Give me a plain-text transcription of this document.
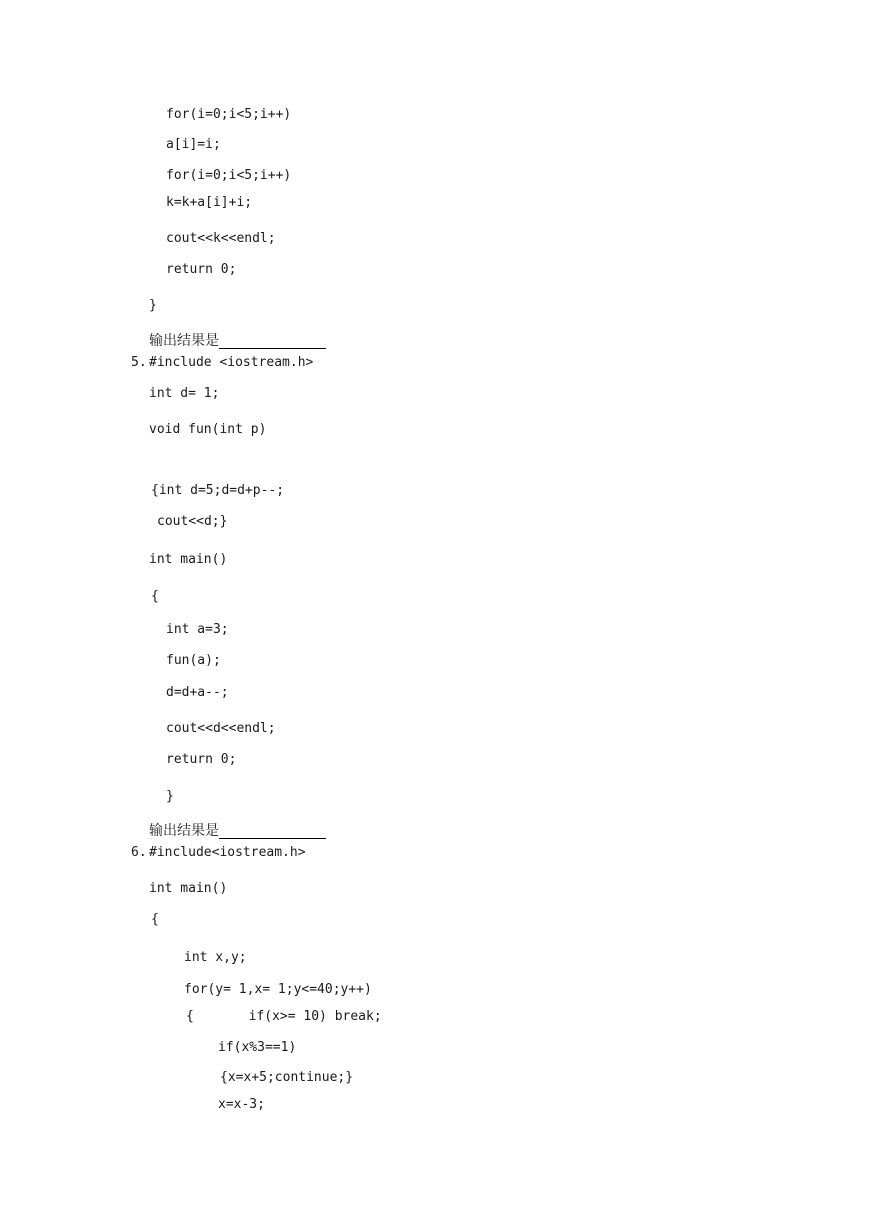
for(i=0;i<5;i++)
a[i]=i;
for(i=0;i<5;i++)
k=k+a[i]+i;
cout<<k<<endl;
return 0;
}
输出结果是
5. #include <iostream.h>
int d= 1;
void fun(int p)
{int d=5;d=d+p--;
cout<<d;}
int main()
{
int a=3;
fun(a);
d=d+a--;
cout<<d<<endl;
return 0;
}
输出结果是
6. #include<iostream.h>
int main()
{
int x,y;
for(y= 1,x= 1;y<=40;y++)
{       if(x>= 10) break;
if(x%3==1)
{x=x+5;continue;}
x=x-3;
